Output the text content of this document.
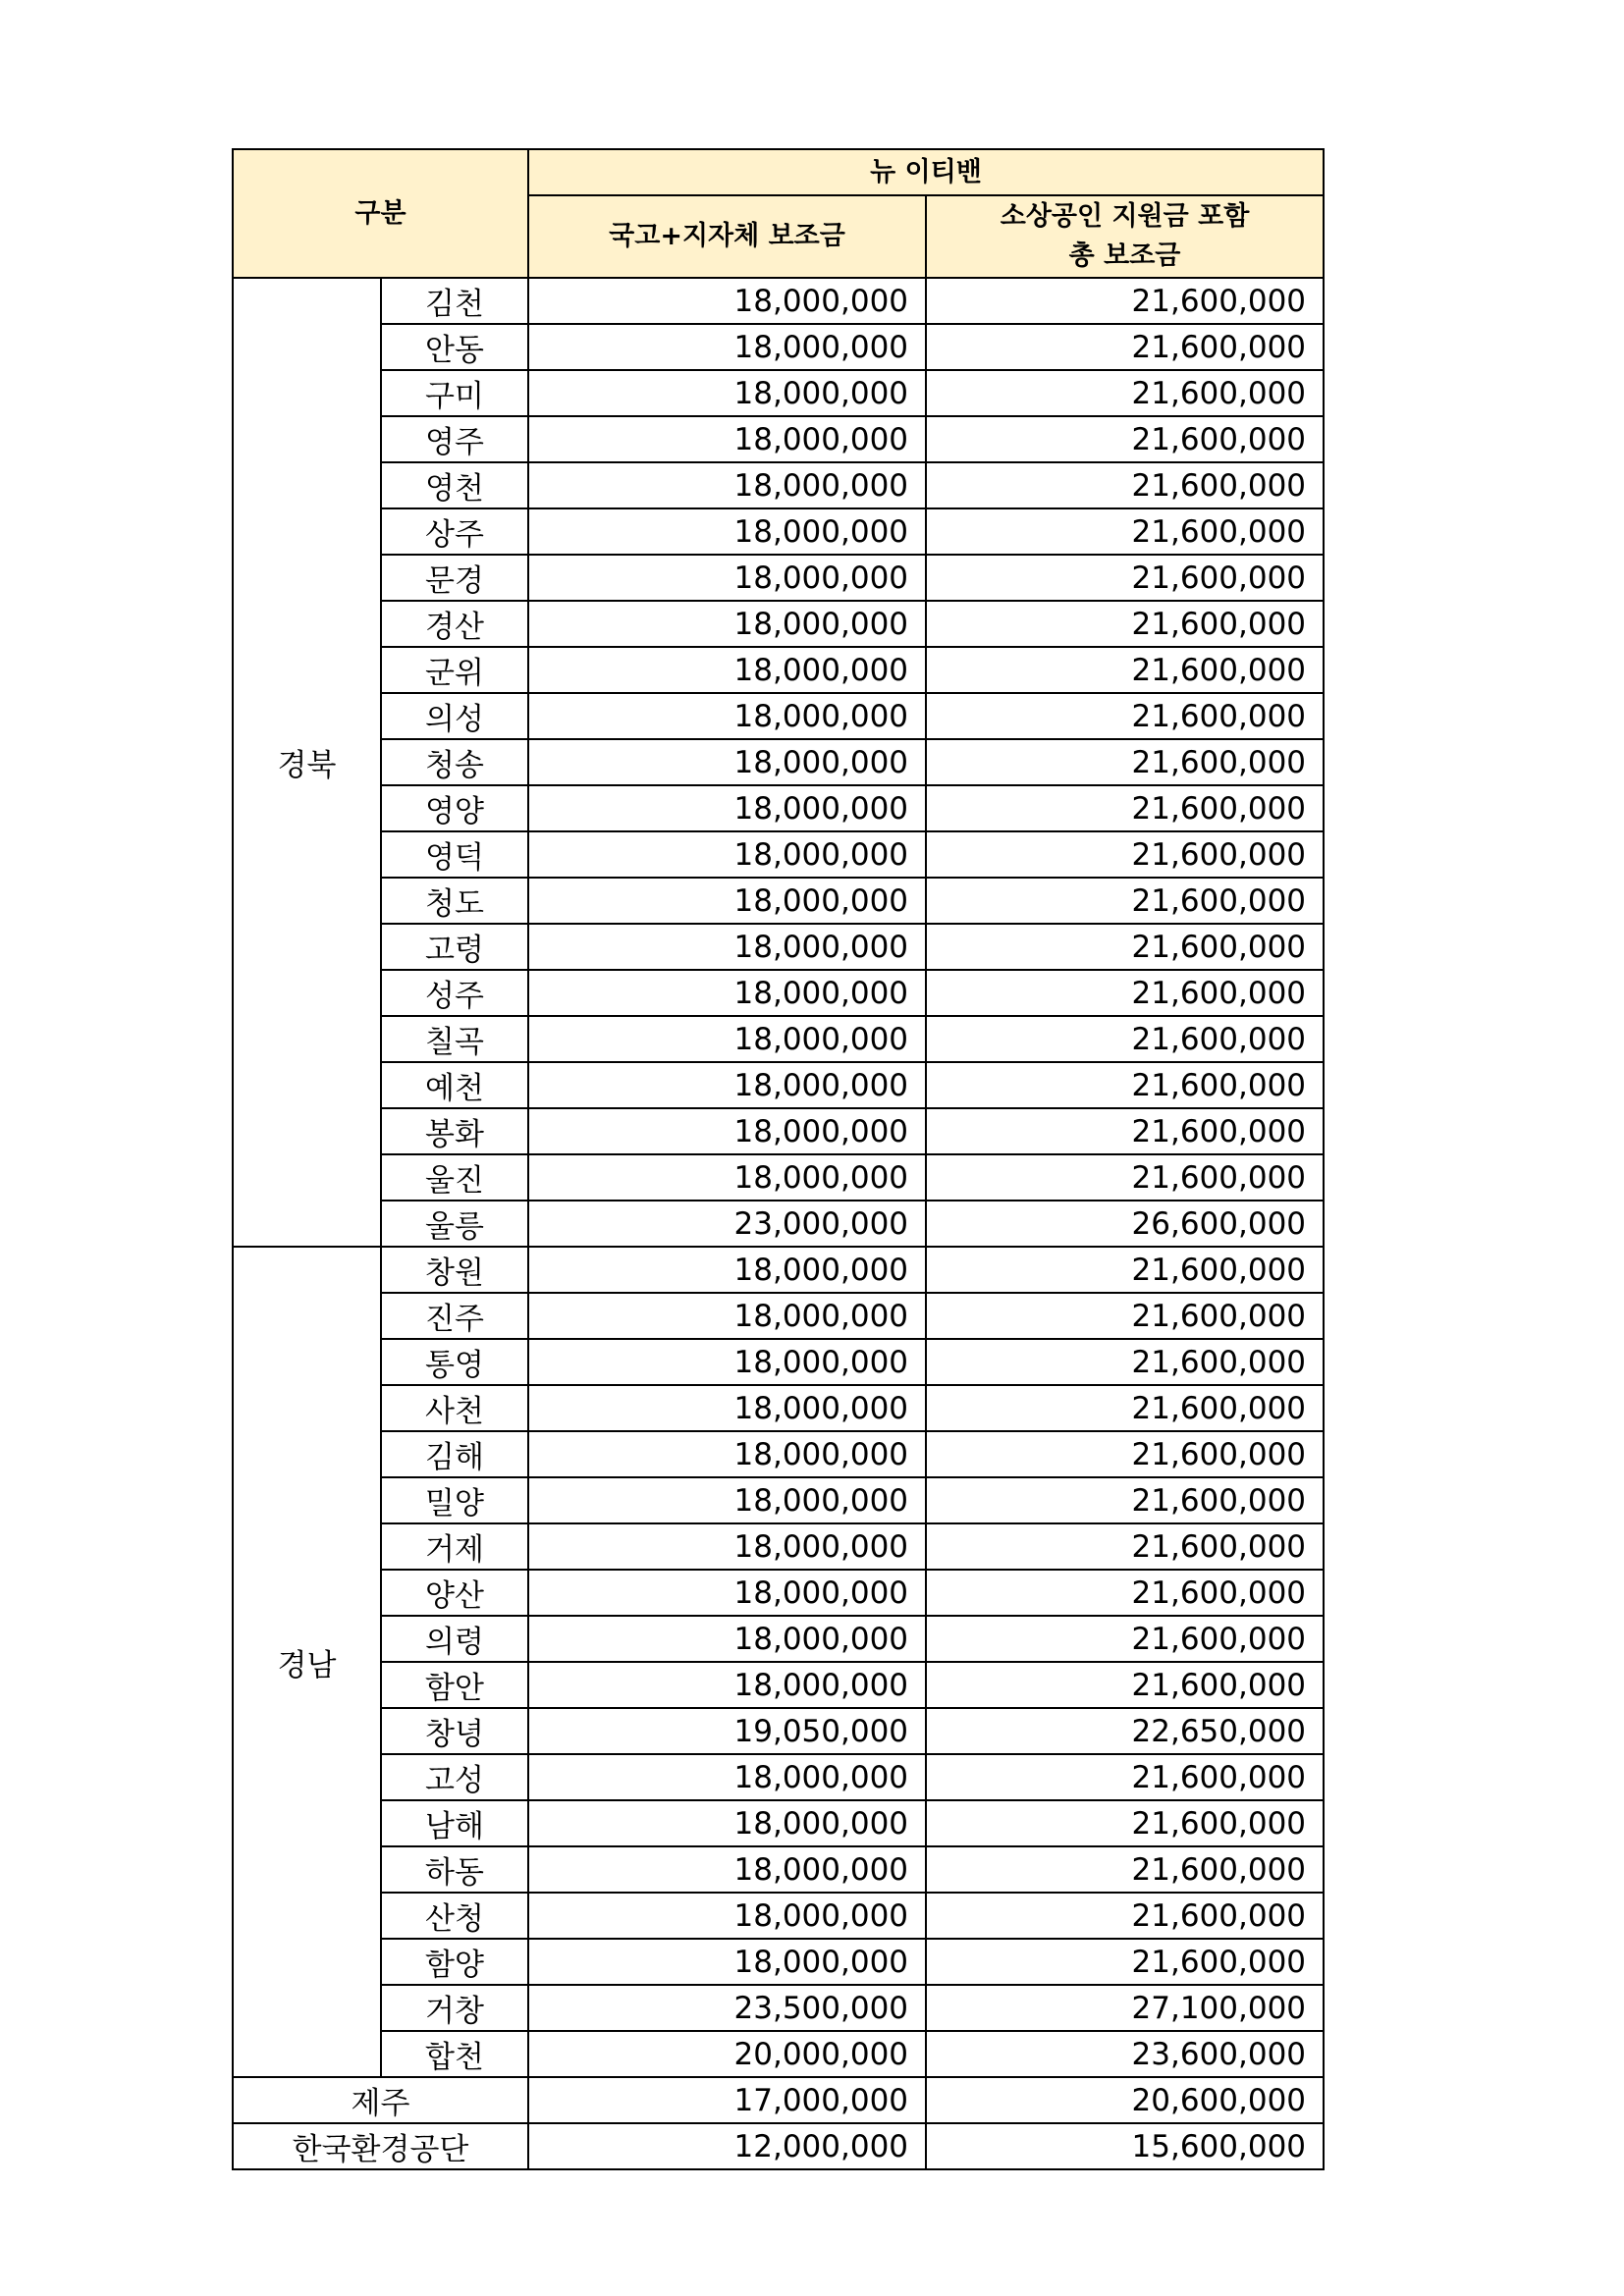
구분		뉴 이티밴	
		국고+지자체 보조금	소상공인 지원금 포함
총 보조금
경북	김천	18,000,000	21,600,000
	안동	18,000,000	21,600,000
	구미	18,000,000	21,600,000
	영주	18,000,000	21,600,000
	영천	18,000,000	21,600,000
	상주	18,000,000	21,600,000
	문경	18,000,000	21,600,000
	경산	18,000,000	21,600,000
	군위	18,000,000	21,600,000
	의성	18,000,000	21,600,000
	청송	18,000,000	21,600,000
	영양	18,000,000	21,600,000
	영덕	18,000,000	21,600,000
	청도	18,000,000	21,600,000
	고령	18,000,000	21,600,000
	성주	18,000,000	21,600,000
	칠곡	18,000,000	21,600,000
	예천	18,000,000	21,600,000
	봉화	18,000,000	21,600,000
	울진	18,000,000	21,600,000
	울릉	23,000,000	26,600,000
경남	창원	18,000,000	21,600,000
	진주	18,000,000	21,600,000
	통영	18,000,000	21,600,000
	사천	18,000,000	21,600,000
	김해	18,000,000	21,600,000
	밀양	18,000,000	21,600,000
	거제	18,000,000	21,600,000
	양산	18,000,000	21,600,000
	의령	18,000,000	21,600,000
	함안	18,000,000	21,600,000
	창녕	19,050,000	22,650,000
	고성	18,000,000	21,600,000
	남해	18,000,000	21,600,000
	하동	18,000,000	21,600,000
	산청	18,000,000	21,600,000
	함양	18,000,000	21,600,000
	거창	23,500,000	27,100,000
	합천	20,000,000	23,600,000
제주		17,000,000	20,600,000
한국환경공단		12,000,000	15,600,000
